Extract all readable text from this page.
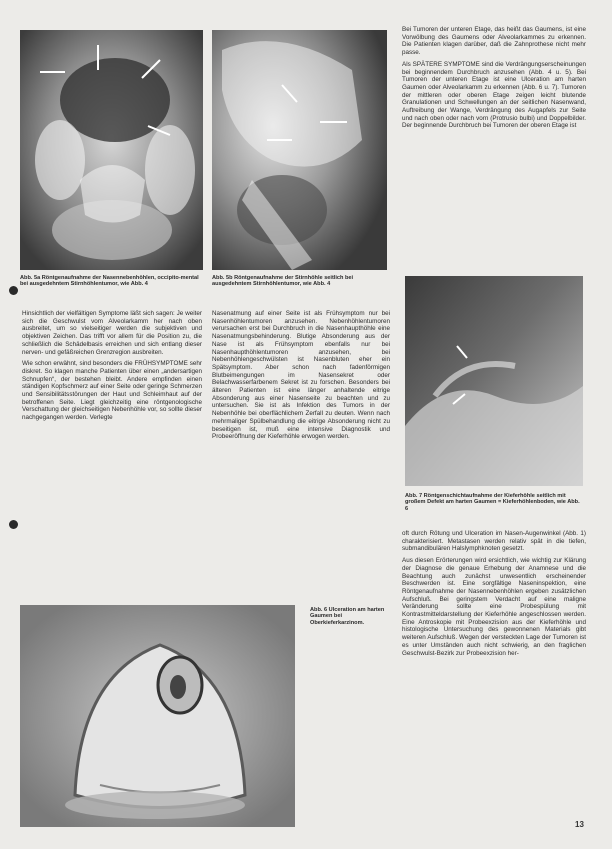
Abb. 5a Röntgenaufnahme der Nasennebenhöhlen, occipito-mental bei ausgedehntem Stirnhöhlentumor, wie Abb. 4
Abb. 5b Röntgenaufnahme der Stirnhöhle seitlich bei ausgedehntem Stirnhöhlentumor, wie Abb. 4

Bei Tumoren der unteren Etage, das heißt das Gaumens, ist eine Vorwölbung des Gaumens oder Alveolarkammes zu erkennen. Die Patienten klagen darüber, daß die Zahnprothese nicht mehr passe.

Als SPÄTERE SYMPTOME sind die Verdrängungserscheinungen bei beginnendem Durchbruch anzusehen (Abb. 4 u. 5). Bei Tumoren der unteren Etage ist eine Ulceration am harten Gaumen oder Alveolarkamm zu erkennen (Abb. 6 u. 7). Tumoren der mittleren oder oberen Etage zeigen leicht blutende Granulationen und Schwellungen an der seitlichen Nasenwand, Auftreibung der Wange, Verdrängung des Augapfels zur Seite und nach oben oder nach vorn (Protrusio bulbi) und Doppelbilder. Der beginnende Durchbruch bei Tumoren der oberen Etage ist

Abb. 7 Röntgenschichtaufnahme der Kieferhöhle seitlich mit großem Defekt am harten Gaumen = Kieferhöhlenboden, wie Abb. 6

Hinsichtlich der vielfältigen Symptome läßt sich sagen: Je weiter sich die Geschwulst vom Alveolarkamm her nach oben ausbreitet, um so vielseitiger werden die subjektiven und objektiven Zeichen. Das trifft vor allem für die Position zu, die schließlich die Schädelbasis erreichen und sich entlang dieser nerven- und gefäßreichen Grenzregion ausbreiten.

Wie schon erwähnt, sind besonders die FRÜHSYMPTOME sehr diskret. So klagen manche Patienten über einen „andersartigen Schnupfen“, der bestehen bleibt. Andere empfinden einen ständigen Kopfschmerz auf einer Seite oder geringe Schmerzen und Sensibilitätsstörungen der Haut und Schleimhaut auf der betroffenen Seite. Liegt gleichzeitig eine röntgenologische Verschattung der gleichseitigen Nebenhöhle vor, so sollte dieser nachgegangen werden. Verlegte

Nasenatmung auf einer Seite ist als Frühsymptom nur bei Nasenhöhlentumoren anzusehen. Nebenhöhlentumoren verursachen erst bei Durchbruch in die Nasenhaupthöhle eine Nasenatmungsbehinderung. Blutige Absonderung aus der Nase ist als Frühsymptom ebenfalls nur bei Nasenhaupthöhlentumoren anzusehen, bei Nebenhöhlengeschwülsten ist Nasenbluten eher ein Spätsymptom. Aber schon nach fadenförmigen Blutbeimengungen im Nasensekret oder Belachwasserfarbenem Sekret ist zu forschen. Besonders bei älteren Patienten ist eine länger anhaltende eitrige Absonderung aus einer Nasenseite zu beachten und zu untersuchen. Sie ist als Infektion des Tumors in der Nebenhöhle bei oberflächlichem Zerfall zu deuten. Wenn nach mehrmaliger Spülbehandlung die eitrige Absonderung nicht zu beseitigen ist, muß eine intensive Diagnostik und Probeeröffnung der Kieferhöhle erwogen werden.

Abb. 6 Ulceration am harten Gaumen bei Oberkieferkarzinom.

oft durch Rötung und Ulceration im Nasen-Augenwinkel (Abb. 1) charakterisiert. Metastasen werden relativ spät in die tiefen, submandibulären Halslymphknoten gesetzt.

Aus diesen Erörterungen wird ersichtlich, wie wichtig zur Klärung der Diagnose die genaue Erhebung der Anamnese und die Beachtung auch zunächst unwesentlich erscheinender Beschwerden ist. Eine sorgfältige Naseninspektion, eine Röntgenaufnahme der Nasennebenhöhlen ergeben zusätzlichen Aufschluß. Bei geringstem Verdacht auf eine maligne Veränderung sollte eine Probespülung mit Kontrastmitteldarstellung der Kieferhöhle angeschlossen werden. Eine Antroskopie mit Probeexzision aus der Kieferhöhle und histologische Untersuchung des gewonnenen Materials gibt weiteren Aufschluß. Wegen der versteckten Lage der Tumoren ist es unter Umständen auch nicht schwierig, an den fraglichen Geschwulst-Bezirk zur Probeexzision her-

13
